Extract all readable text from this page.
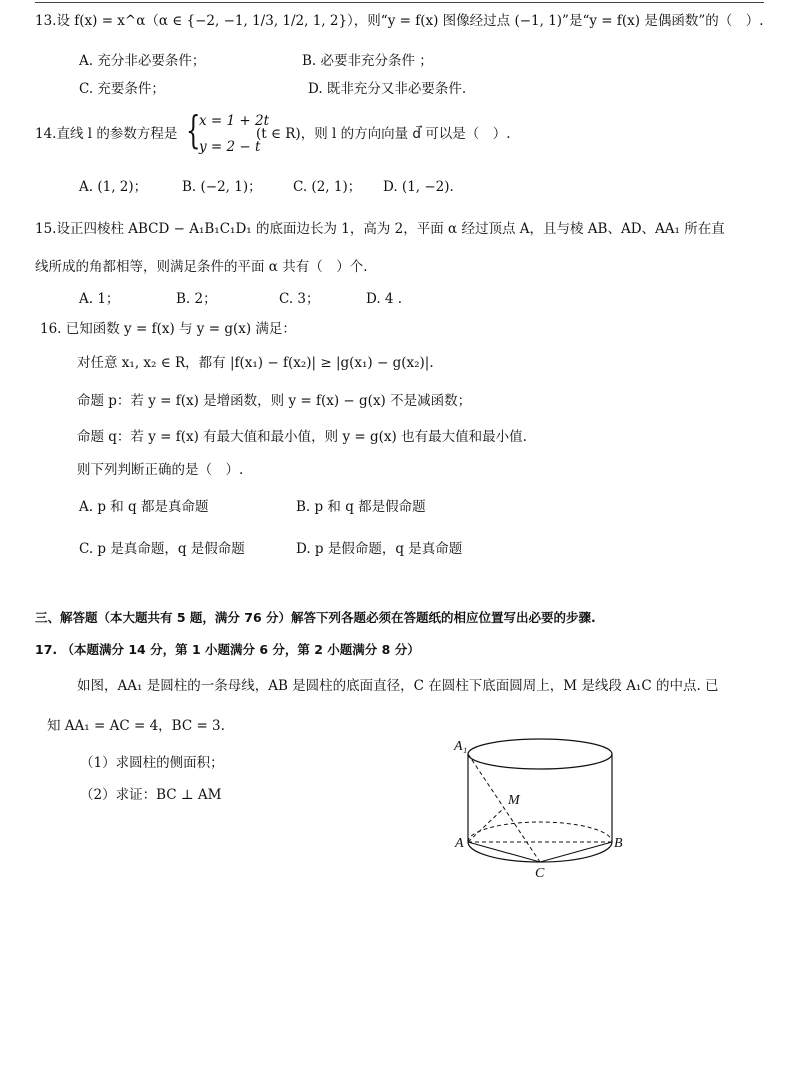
13.设 f(x) = x^α（α ∈ {−2, −1, 1/3, 1/2, 1, 2}），则“y = f(x) 图像经过点 (−1, 1)”是“y = f(x) 是偶函数”的（　）.
A. 充分非必要条件；	B. 必要非充分条件 ；
C. 充要条件；	D. 既非充分又非必要条件.
14.直线 l 的参数方程是 {
x = 1 + 2t
y = 2 − t
(t ∈ R)，则 l 的方向向量 d⃗ 可以是（　）.
A. (1, 2)；	B. (−2, 1)； C. (2, 1)； D. (1, −2).
15.设正四棱柱 ABCD − A₁B₁C₁D₁ 的底面边长为 1，高为 2，平面 α 经过顶点 A，且与棱 AB、AD、AA₁ 所在直
线所成的角都相等，则满足条件的平面 α 共有（　）个.
A. 1；	B. 2；	C. 3；	D. 4 .
16. 已知函数 y = f(x) 与 y = g(x) 满足：
对任意 x₁, x₂ ∈ R，都有 |f(x₁) − f(x₂)| ≥ |g(x₁) − g(x₂)|.
命题 p：若 y = f(x) 是增函数，则 y = f(x) − g(x) 不是减函数；
命题 q：若 y = f(x) 有最大值和最小值，则 y = g(x) 也有最大值和最小值.
则下列判断正确的是（　）.
A. p 和 q 都是真命题	B. p 和 q 都是假命题
C. p 是真命题，q 是假命题	D. p 是假命题，q 是真命题
三、解答题（本大题共有 5 题，满分 76 分）解答下列各题必须在答题纸的相应位置写出必要的步骤.
17. （本题满分 14 分，第 1 小题满分 6 分，第 2 小题满分 8 分）
如图，AA₁ 是圆柱的一条母线，AB 是圆柱的底面直径，C 在圆柱下底面圆周上，M 是线段 A₁C 的中点. 已
知 AA₁ = AC = 4，BC = 3.
（1）求圆柱的侧面积；
（2）求证：BC ⊥ AM
A₁
M
A	B
C
